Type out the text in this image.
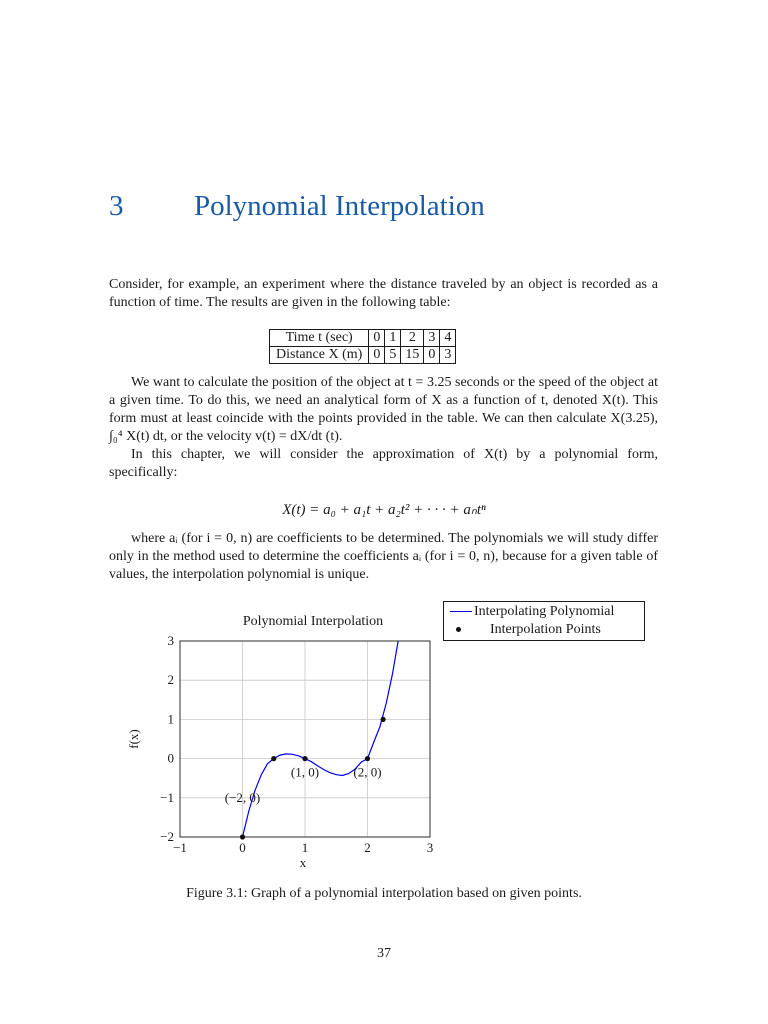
3 Polynomial Interpolation

Consider, for example, an experiment where the distance traveled by an object is recorded as a function of time. The results are given in the following table:

Time t (sec)	0	1	2	3	4
Distance X (m)	0	5	15	0	3

We want to calculate the position of the object at t = 3.25 seconds or the speed of the object at a given time. To do this, we need an analytical form of X as a function of t, denoted X(t). This form must at least coincide with the points provided in the table. We can then calculate X(3.25), ∫₀⁴ X(t) dt, or the velocity v(t) = dX/dt (t).

In this chapter, we will consider the approximation of X(t) by a polynomial form, specifically:

X(t) = a₀ + a₁t + a₂t² + · · · + aₙtⁿ

where aᵢ (for i = 0, n) are coefficients to be determined. The polynomials we will study differ only in the method used to determine the coefficients aᵢ (for i = 0, n), because for a given table of values, the interpolation polynomial is unique.

−1	0	1	2	3
−2
−1
0
1
2
3
Polynomial Interpolation
x
f(x)
(1, 0)	(2, 0)
(−2, 0)
Interpolating Polynomial
Interpolation Points
Figure 3.1: Graph of a polynomial interpolation based on given points.
37
